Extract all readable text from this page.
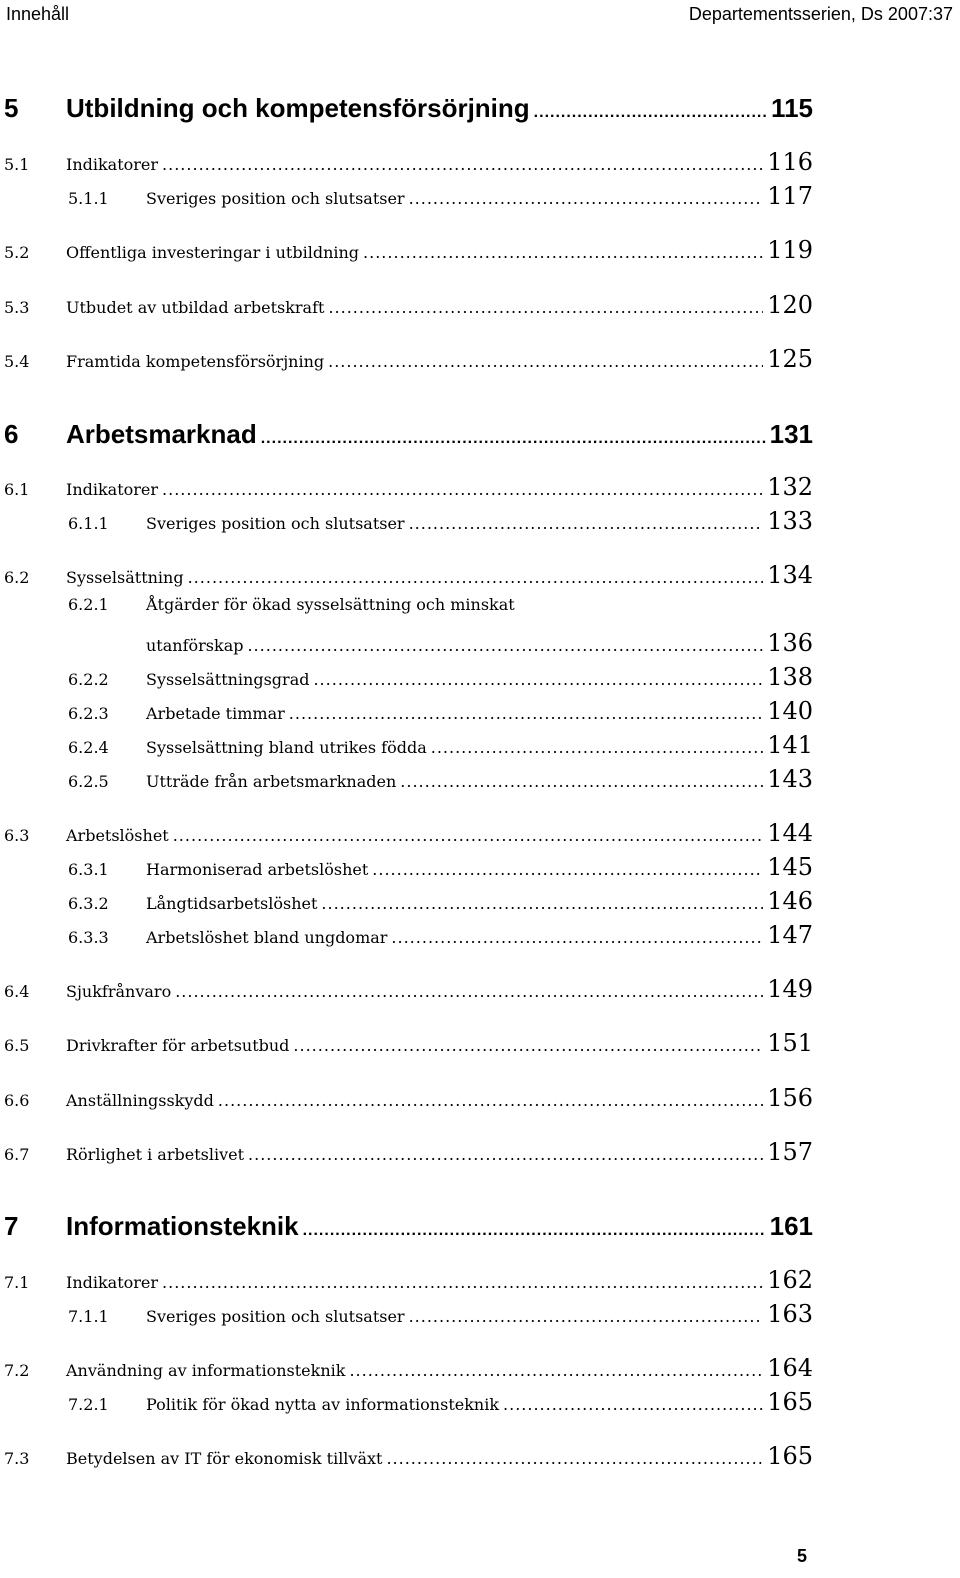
Innehåll	Departementsserien, Ds 2007:37
5	Utbildning och kompetensförsörjning .....	115
5.1	Indikatorer .....	116
5.1.1	Sveriges position och slutsatser .....	117
5.2	Offentliga investeringar i utbildning .....	119
5.3	Utbudet av utbildad arbetskraft .....	120
5.4	Framtida kompetensförsörjning .....	125
6	Arbetsmarknad .....	131
6.1	Indikatorer .....	132
6.1.1	Sveriges position och slutsatser .....	133
6.2	Sysselsättning .....	134
6.2.1	Åtgärder för ökad sysselsättning och minskat
utanförskap .....	136
6.2.2	Sysselsättningsgrad .....	138
6.2.3	Arbetade timmar .....	140
6.2.4	Sysselsättning bland utrikes födda .....	141
6.2.5	Utträde från arbetsmarknaden .....	143
6.3	Arbetslöshet .....	144
6.3.1	Harmoniserad arbetslöshet .....	145
6.3.2	Långtidsarbetslöshet .....	146
6.3.3	Arbetslöshet bland ungdomar .....	147
6.4	Sjukfrånvaro .....	149
6.5	Drivkrafter för arbetsutbud .....	151
6.6	Anställningsskydd .....	156
6.7	Rörlighet i arbetslivet .....	157
7	Informationsteknik .....	161
7.1	Indikatorer .....	162
7.1.1	Sveriges position och slutsatser .....	163
7.2	Användning av informationsteknik .....	164
7.2.1	Politik för ökad nytta av informationsteknik .....	165
7.3	Betydelsen av IT för ekonomisk tillväxt .....	165
5
